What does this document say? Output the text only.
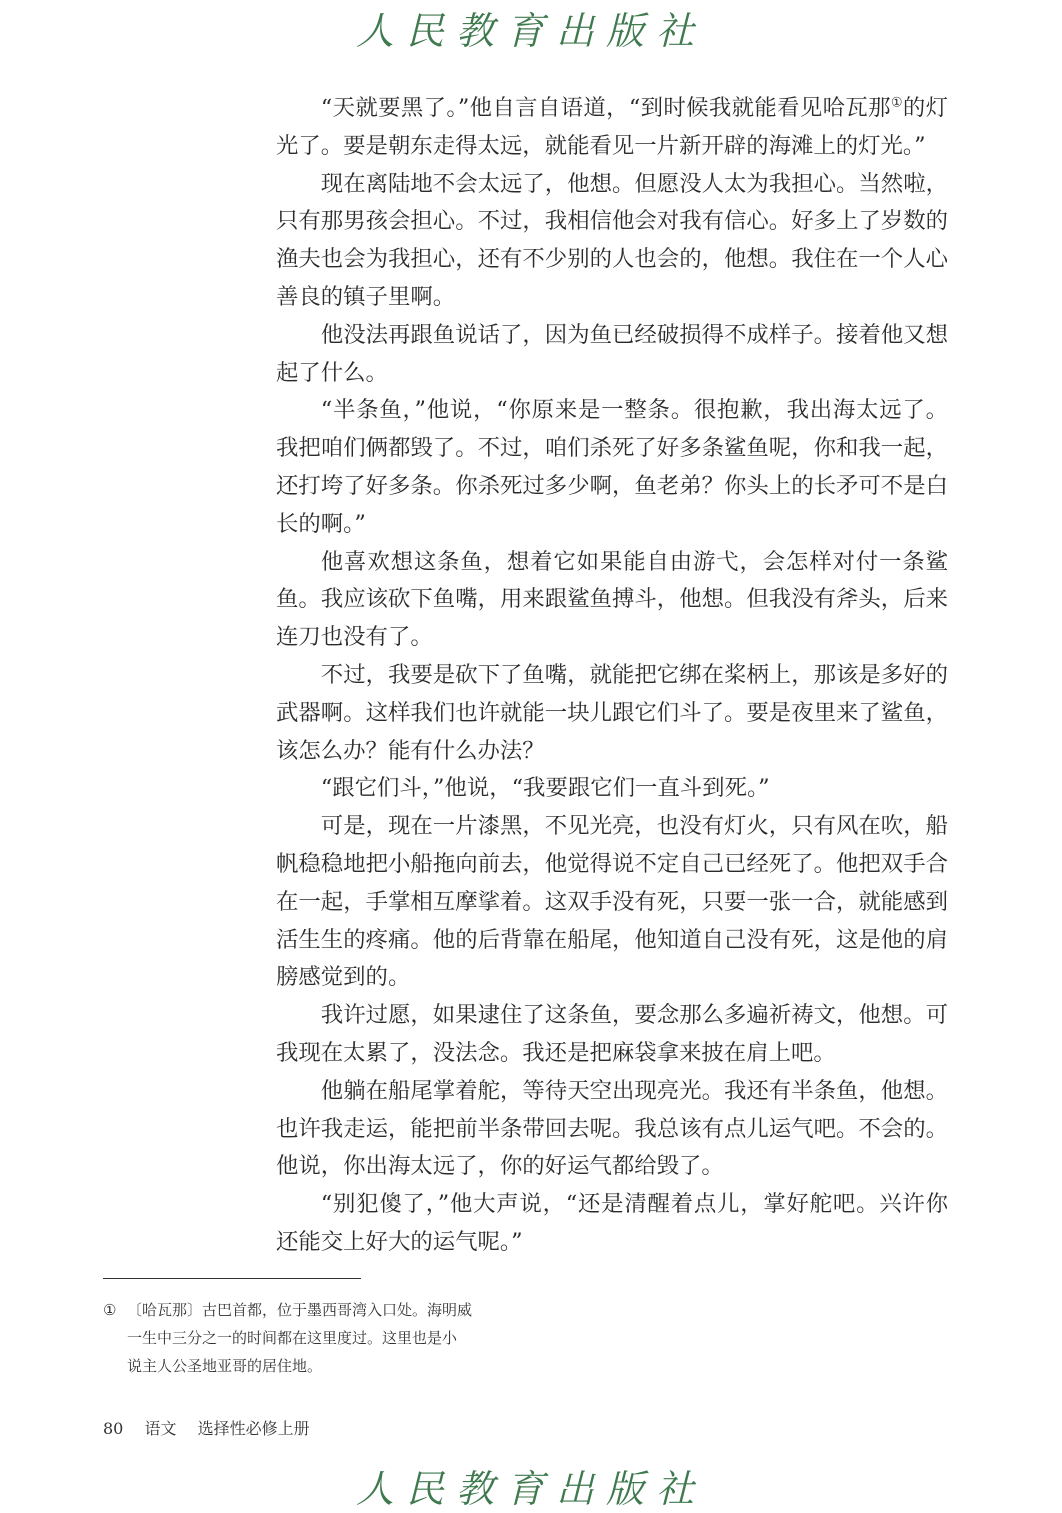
人民教育出版社

“天就要黑了。”他自言自语道，“到时候我就能看见哈瓦那①的灯光了。要是朝东走得太远，就能看见一片新开辟的海滩上的灯光。”

现在离陆地不会太远了，他想。但愿没人太为我担心。当然啦，只有那男孩会担心。不过，我相信他会对我有信心。好多上了岁数的渔夫也会为我担心，还有不少别的人也会的，他想。我住在一个人心善良的镇子里啊。

他没法再跟鱼说话了，因为鱼已经破损得不成样子。接着他又想起了什么。

“半条鱼，”他说，“你原来是一整条。很抱歉，我出海太远了。我把咱们俩都毁了。不过，咱们杀死了好多条鲨鱼呢，你和我一起，还打垮了好多条。你杀死过多少啊，鱼老弟？你头上的长矛可不是白长的啊。”

他喜欢想这条鱼，想着它如果能自由游弋，会怎样对付一条鲨鱼。我应该砍下鱼嘴，用来跟鲨鱼搏斗，他想。但我没有斧头，后来连刀也没有了。

不过，我要是砍下了鱼嘴，就能把它绑在桨柄上，那该是多好的武器啊。这样我们也许就能一块儿跟它们斗了。要是夜里来了鲨鱼，该怎么办？能有什么办法？

“跟它们斗，”他说，“我要跟它们一直斗到死。”

可是，现在一片漆黑，不见光亮，也没有灯火，只有风在吹，船帆稳稳地把小船拖向前去，他觉得说不定自己已经死了。他把双手合在一起，手掌相互摩挲着。这双手没有死，只要一张一合，就能感到活生生的疼痛。他的后背靠在船尾，他知道自己没有死，这是他的肩膀感觉到的。

我许过愿，如果逮住了这条鱼，要念那么多遍祈祷文，他想。可我现在太累了，没法念。我还是把麻袋拿来披在肩上吧。

他躺在船尾掌着舵，等待天空出现亮光。我还有半条鱼，他想。也许我走运，能把前半条带回去呢。我总该有点儿运气吧。不会的。他说，你出海太远了，你的好运气都给毁了。

“别犯傻了，”他大声说，“还是清醒着点儿，掌好舵吧。兴许你还能交上好大的运气呢。”

① 〔哈瓦那〕古巴首都，位于墨西哥湾入口处。海明威
一生中三分之一的时间都在这里度过。这里也是小
说主人公圣地亚哥的居住地。
80 语文 选择性必修上册
人民教育出版社
